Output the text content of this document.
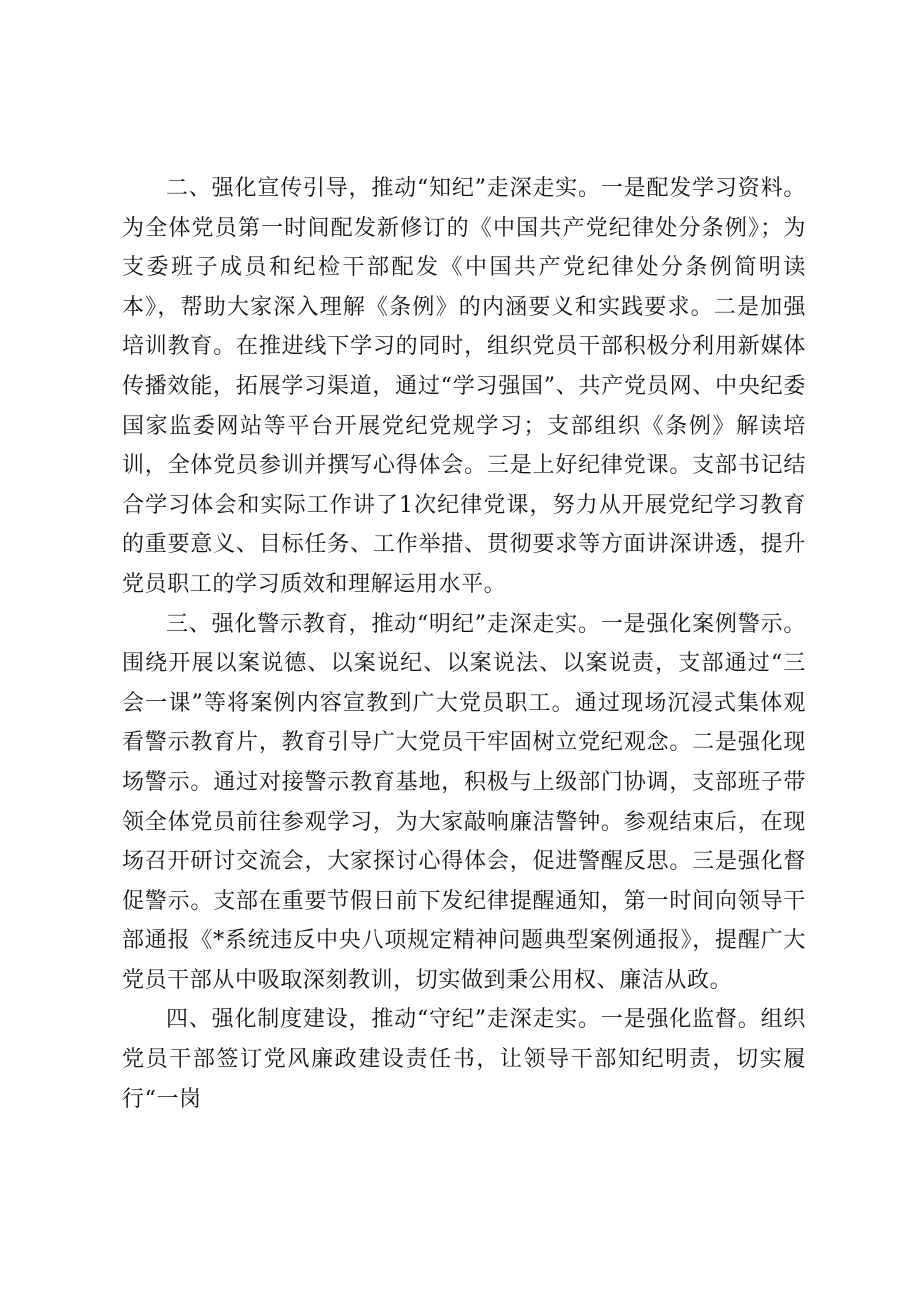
二、强化宣传引导，推动“知纪”走深走实。一是配发学习资料。为全体党员第一时间配发新修订的《中国共产党纪律处分条例》；为支委班子成员和纪检干部配发《中国共产党纪律处分条例简明读本》，帮助大家深入理解《条例》的内涵要义和实践要求。二是加强培训教育。在推进线下学习的同时，组织党员干部积极分利用新媒体传播效能，拓展学习渠道，通过“学习强国”、共产党员网、中央纪委国家监委网站等平台开展党纪党规学习；支部组织《条例》解读培训，全体党员参训并撰写心得体会。三是上好纪律党课。支部书记结合学习体会和实际工作讲了1次纪律党课，努力从开展党纪学习教育的重要意义、目标任务、工作举措、贯彻要求等方面讲深讲透，提升党员职工的学习质效和理解运用水平。

三、强化警示教育，推动“明纪”走深走实。一是强化案例警示。围绕开展以案说德、以案说纪、以案说法、以案说责，支部通过“三会一课”等将案例内容宣教到广大党员职工。通过现场沉浸式集体观看警示教育片，教育引导广大党员干牢固树立党纪观念。二是强化现场警示。通过对接警示教育基地，积极与上级部门协调，支部班子带领全体党员前往参观学习，为大家敲响廉洁警钟。参观结束后，在现场召开研讨交流会，大家探讨心得体会，促进警醒反思。三是强化督促警示。支部在重要节假日前下发纪律提醒通知，第一时间向领导干部通报《*系统违反中央八项规定精神问题典型案例通报》，提醒广大党员干部从中吸取深刻教训，切实做到秉公用权、廉洁从政。

四、强化制度建设，推动“守纪”走深走实。一是强化监督。组织党员干部签订党风廉政建设责任书，让领导干部知纪明责，切实履行“一岗
